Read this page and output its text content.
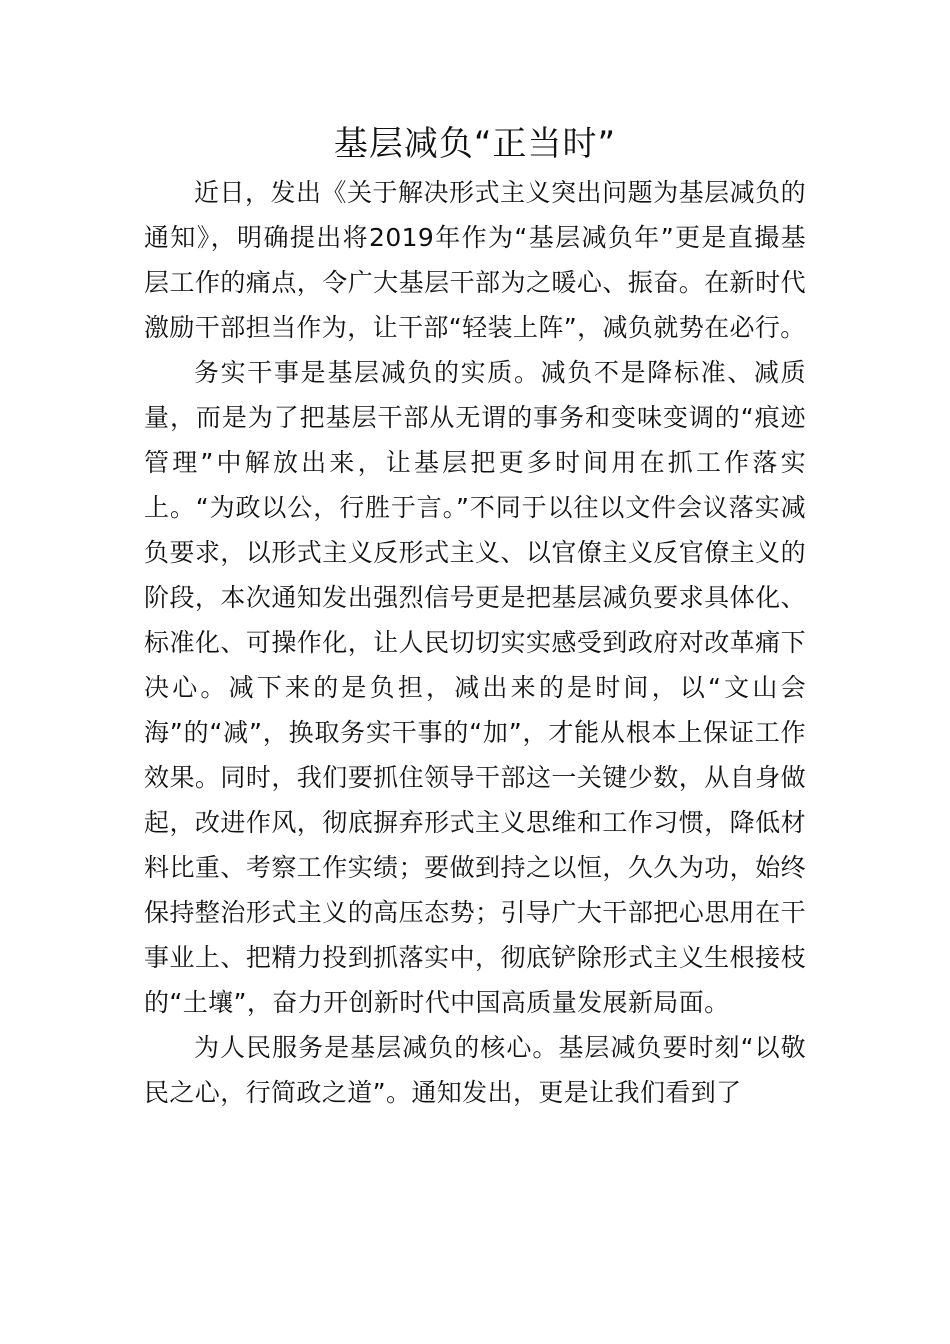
基层减负“正当时”

近日，发出《关于解决形式主义突出问题为基层减负的通知》，明确提出将2019年作为“基层减负年”更是直撮基层工作的痛点，令广大基层干部为之暖心、振奋。在新时代激励干部担当作为，让干部“轻装上阵”，减负就势在必行。

务实干事是基层减负的实质。减负不是降标准、减质量，而是为了把基层干部从无谓的事务和变味变调的“痕迹管理”中解放出来，让基层把更多时间用在抓工作落实上。“为政以公，行胜于言。”不同于以往以文件会议落实减负要求，以形式主义反形式主义、以官僚主义反官僚主义的阶段，本次通知发出强烈信号更是把基层减负要求具体化、标准化、可操作化，让人民切切实实感受到政府对改革痛下决心。减下来的是负担，减出来的是时间，以“文山会海”的“减”，换取务实干事的“加”，才能从根本上保证工作效果。同时，我们要抓住领导干部这一关键少数，从自身做起，改进作风，彻底摒弃形式主义思维和工作习惯，降低材料比重、考察工作实绩；要做到持之以恒，久久为功，始终保持整治形式主义的高压态势；引导广大干部把心思用在干事业上、把精力投到抓落实中，彻底铲除形式主义生根接枝的“土壤”，奋力开创新时代中国高质量发展新局面。

为人民服务是基层减负的核心。基层减负要时刻“以敬民之心，行简政之道”。通知发出，更是让我们看到了
